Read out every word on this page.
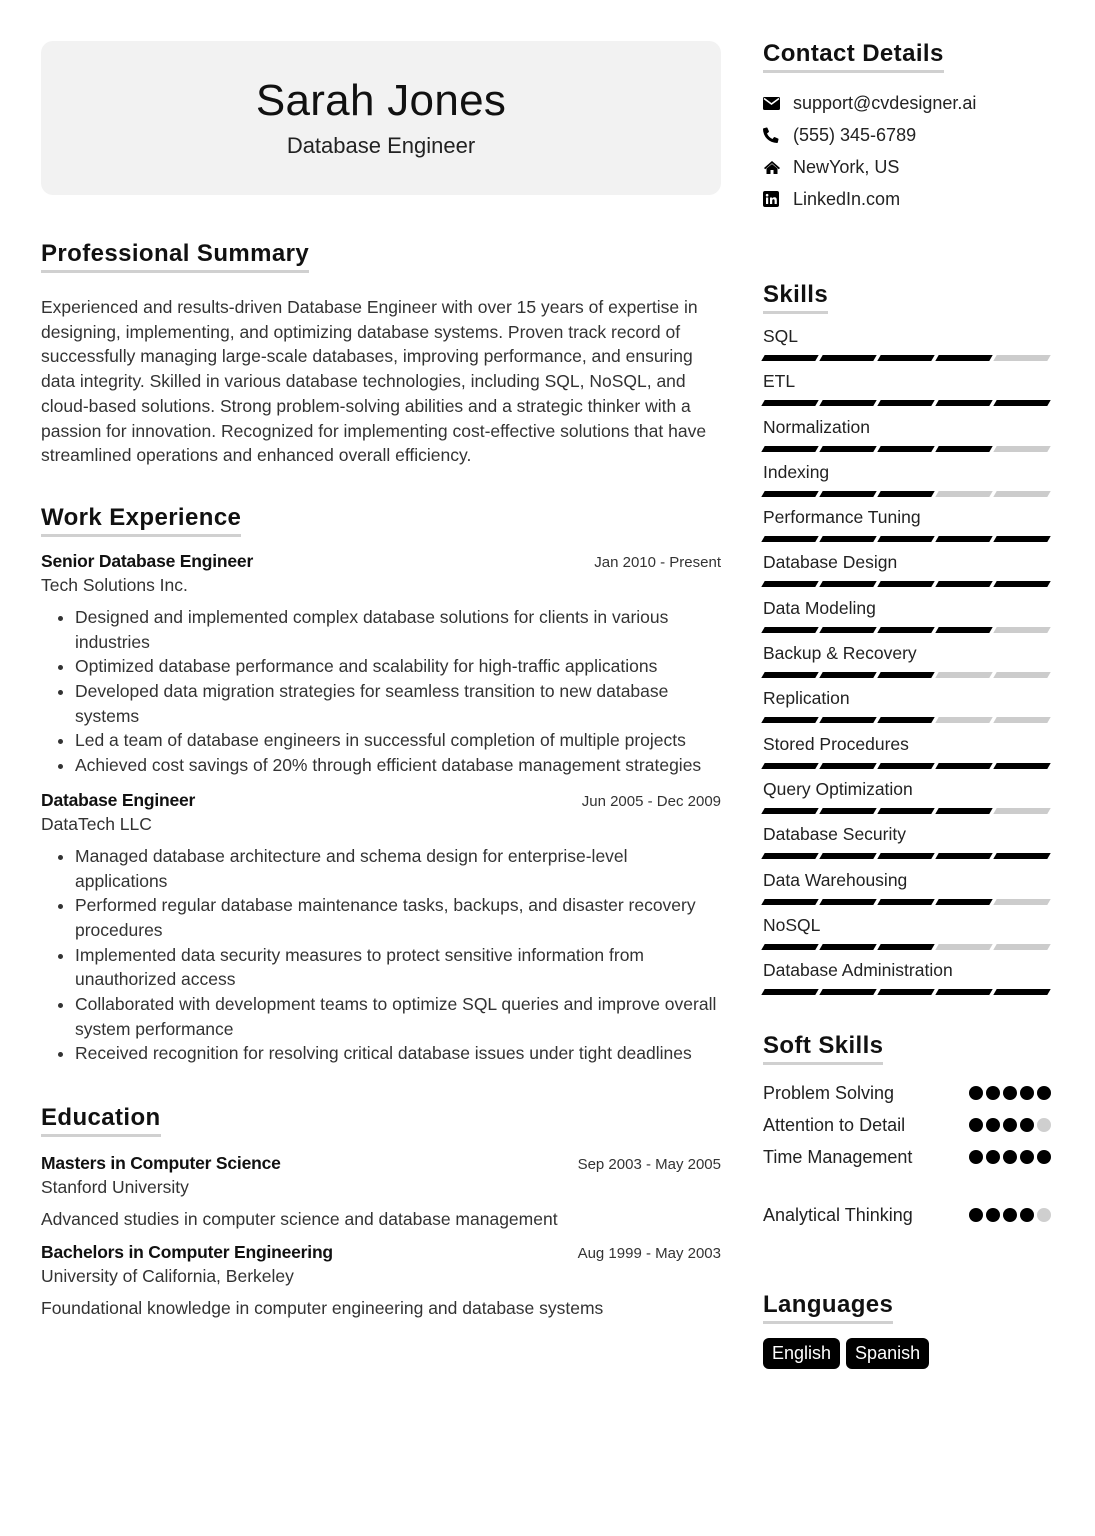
Sarah Jones
Database Engineer
Professional Summary

Experienced and results-driven Database Engineer with over 15 years of expertise in designing, implementing, and optimizing database systems. Proven track record of successfully managing large-scale databases, improving performance, and ensuring data integrity. Skilled in various database technologies, including SQL, NoSQL, and cloud-based solutions. Strong problem-solving abilities and a strategic thinker with a passion for innovation. Recognized for implementing cost-effective solutions that have streamlined operations and enhanced overall efficiency.

Work Experience
Senior Database Engineer	Jan 2010 - Present
Tech Solutions Inc.
• Designed and implemented complex database solutions for clients in various industries
• Optimized database performance and scalability for high-traffic applications
• Developed data migration strategies for seamless transition to new database systems
• Led a team of database engineers in successful completion of multiple projects
• Achieved cost savings of 20% through efficient database management strategies
Database Engineer	Jun 2005 - Dec 2009
DataTech LLC
• Managed database architecture and schema design for enterprise-level applications
• Performed regular database maintenance tasks, backups, and disaster recovery procedures
• Implemented data security measures to protect sensitive information from unauthorized access
• Collaborated with development teams to optimize SQL queries and improve overall system performance
• Received recognition for resolving critical database issues under tight deadlines
Education
Masters in Computer Science	Sep 2003 - May 2005
Stanford University
Advanced studies in computer science and database management
Bachelors in Computer Engineering	Aug 1999 - May 2003
University of California, Berkeley
Foundational knowledge in computer engineering and database systems
Contact Details
support@cvdesigner.ai
(555) 345-6789
NewYork, US
LinkedIn.com
Skills
SQL
ETL
Normalization
Indexing
Performance Tuning
Database Design
Data Modeling
Backup & Recovery
Replication
Stored Procedures
Query Optimization
Database Security
Data Warehousing
NoSQL
Database Administration
Soft Skills
Problem Solving
Attention to Detail
Time Management
Analytical Thinking
Languages
English	Spanish
